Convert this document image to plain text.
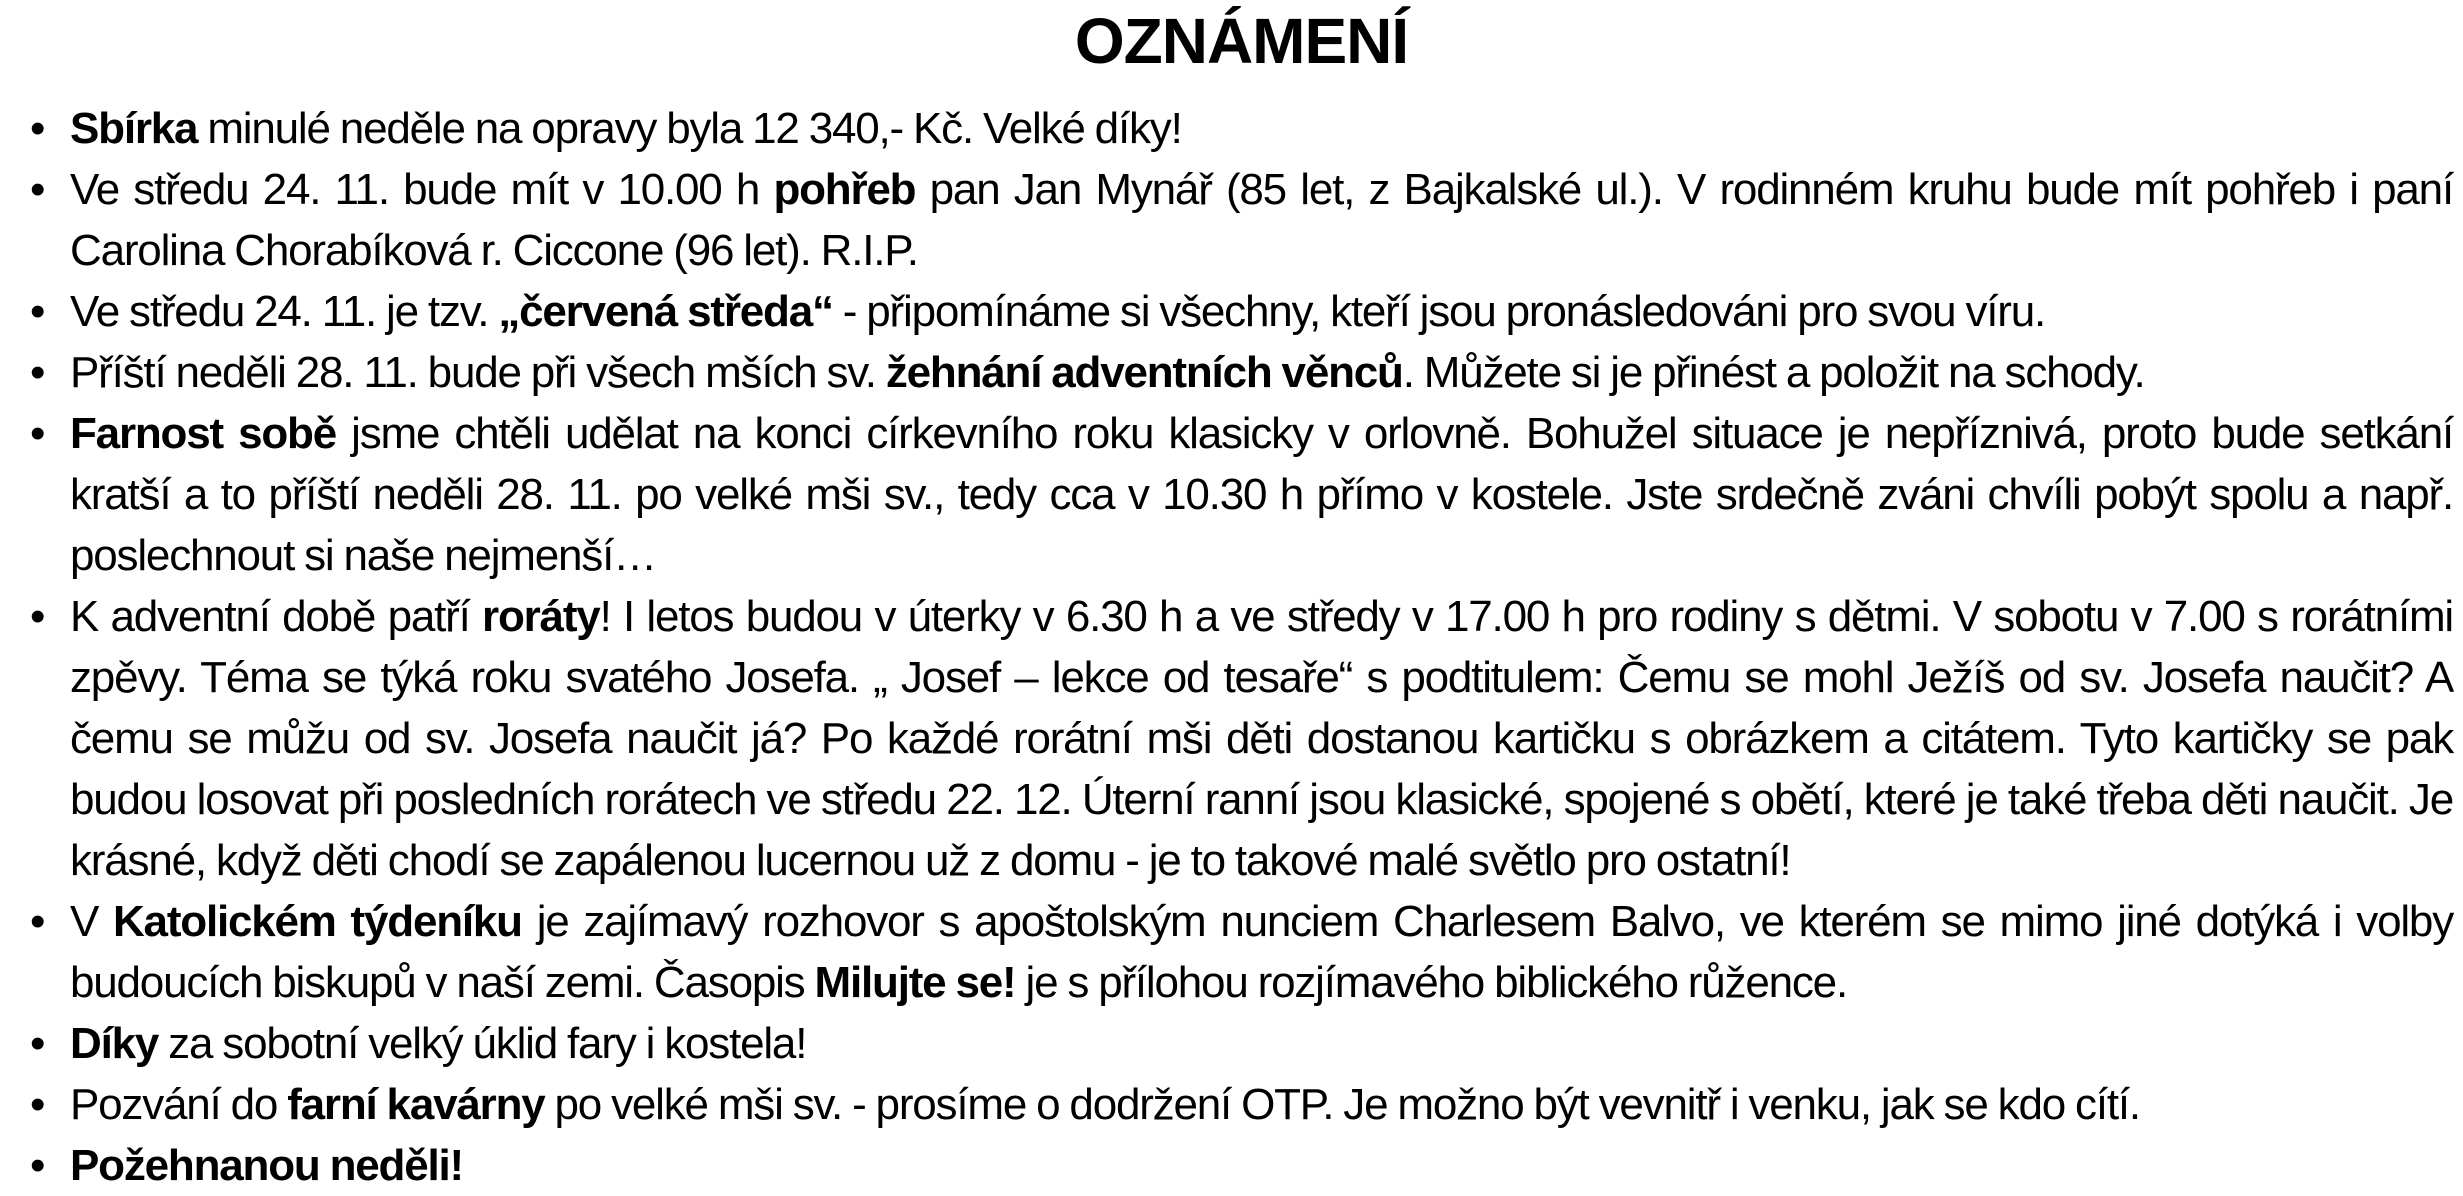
OZNÁMENÍ
• Sbírka minulé neděle na opravy byla 12 340,- Kč. Velké díky!
• Ve středu 24. 11. bude mít v 10.00 h pohřeb pan Jan Mynář (85 let, z Bajkalské ul.). V rodinném kruhu bude mít pohřeb i paní Carolina Chorabíková r. Ciccone (96 let). R.I.P.
• Ve středu 24. 11. je tzv. „červená středa“ - připomínáme si všechny, kteří jsou pronásledováni pro svou víru.
• Příští neděli 28. 11. bude při všech mších sv. žehnání adventních věnců. Můžete si je přinést a položit na schody.
• Farnost sobě jsme chtěli udělat na konci církevního roku klasicky v orlovně. Bohužel situace je nepříznivá, proto bude setkání kratší a to příští neděli 28. 11. po velké mši sv., tedy cca v 10.30 h přímo v kostele. Jste srdečně zváni chvíli pobýt spolu a např. poslechnout si naše nejmenší…
• K adventní době patří roráty! I letos budou v úterky v 6.30 h a ve středy v 17.00 h pro rodiny s dětmi. V sobotu v 7.00 s rorátními zpěvy. Téma se týká roku svatého Josefa. „ Josef – lekce od tesaře“ s podtitulem: Čemu se mohl Ježíš od sv. Josefa naučit? A čemu se můžu od sv. Josefa naučit já? Po každé rorátní mši děti dostanou kartičku s obrázkem a citátem. Tyto kartičky se pak budou losovat při posledních rorátech ve středu 22. 12. Úterní ranní jsou klasické, spojené s obětí, které je také třeba děti naučit. Je krásné, když děti chodí se zapálenou lucernou už z domu - je to takové malé světlo pro ostatní!
• V Katolickém týdeníku je zajímavý rozhovor s apoštolským nunciem Charlesem Balvo, ve kterém se mimo jiné dotýká i volby budoucích biskupů v naší zemi. Časopis Milujte se! je s přílohou rozjímavého biblického růžence.
• Díky za sobotní velký úklid fary i kostela!
• Pozvání do farní kavárny po velké mši sv. - prosíme o dodržení OTP. Je možno být vevnitř i venku, jak se kdo cítí.
• Požehnanou neděli!
